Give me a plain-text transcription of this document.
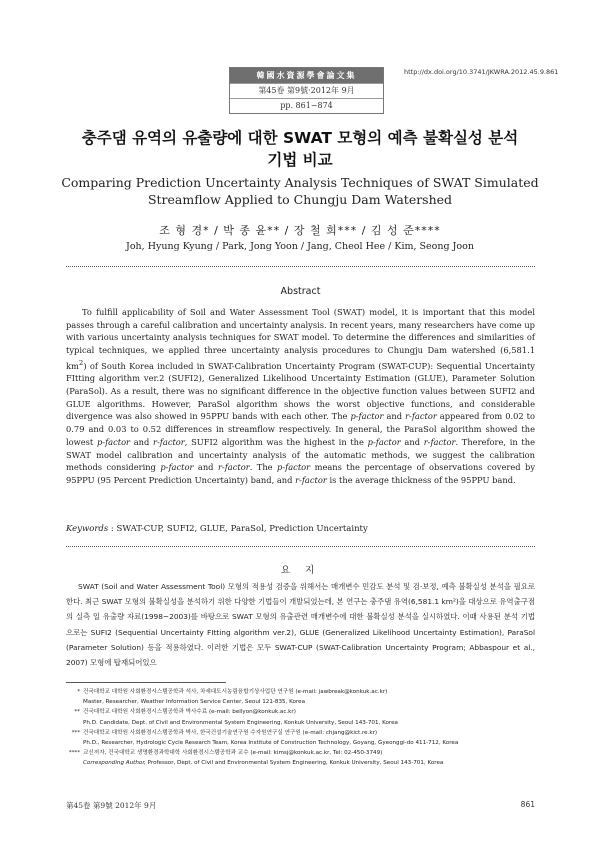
韓國水資源學會論文集
第45卷 第9號·2012年 9月
pp. 861~874
http://dx.doi.org/10.3741/JKWRA.2012.45.9.861
충주댐 유역의 유출량에 대한 SWAT 모형의 예측 불확실성 분석
기법 비교
Comparing Prediction Uncertainty Analysis Techniques of SWAT Simulated
Streamflow Applied to Chungju Dam Watershed
조 형 경* / 박 종 윤** / 장 철 희*** / 김 성 준****
Joh, Hyung Kyung / Park, Jong Yoon / Jang, Cheol Hee / Kim, Seong Joon
Abstract

To fulfill applicability of Soil and Water Assessment Tool (SWAT) model, it is important that this model passes through a careful calibration and uncertainty analysis. In recent years, many researchers have come up with various uncertainty analysis techniques for SWAT model. To determine the differences and similarities of typical techniques, we applied three uncertainty analysis procedures to Chungju Dam watershed (6,581.1 $km^2$) of South Korea included in SWAT-Calibration Uncertainty Program (SWAT-CUP): Sequential Uncertainty FItting algorithm ver.2 (SUFI2), Generalized Likelihood Uncertainty Estimation (GLUE), Parameter Solution (ParaSol). As a result, there was no significant difference in the objective function values between SUFI2 and GLUE algorithms. However, ParaSol algorithm shows the worst objective functions, and considerable divergence was also showed in 95PPU bands with each other. The p-factor and r-factor appeared from 0.02 to 0.79 and 0.03 to 0.52 differences in streamflow respectively. In general, the ParaSol algorithm showed the lowest p-factor and r-factor, SUFI2 algorithm was the highest in the p-factor and r-factor. Therefore, in the SWAT model calibration and uncertainty analysis of the automatic methods, we suggest the calibration methods considering p-factor and r-factor. The p-factor means the percentage of observations covered by 95PPU (95 Percent Prediction Uncertainty) band, and r-factor is the average thickness of the 95PPU band.

Keywords : SWAT-CUP, SUFI2, GLUE, ParaSol, Prediction Uncertainty
요 지

SWAT (Soil and Water Assessment Tool) 모형의 적용성 검증을 위해서는 매개변수 민감도 분석 및 검·보정, 예측 불확실성 분석을 필요로 한다. 최근 SWAT 모형의 불확실성을 분석하기 위한 다양한 기법들이 개발되었는데, 본 연구는 충주댐 유역(6,581.1 km²)을 대상으로 유역출구점의 실측 일 유출량 자료(1998~2003)를 바탕으로 SWAT 모형의 유출관련 매개변수에 대한 불확실성 분석을 실시하였다. 이때 사용된 분석 기법으로는 SUFI2 (Sequential Uncertainty FItting algorithm ver.2), GLUE (Generalized Likelihood Uncertainty Estimation), ParaSol (Parameter Solution) 등을 적용하였다. 이러한 기법은 모두 SWAT-CUP (SWAT-Calibration Uncertainty Program; Abbaspour et al., 2007) 모형에 탑재되어있으

* 건국대학교 대학원 사회환경시스템공학과 석사, 차세대도시농림융합기상사업단 연구원 (e-mail: jawbreak@konkuk.ac.kr)
Master, Researcher, Weather Information Service Center, Seoul 121-835, Korea
** 건국대학교 대학원 사회환경시스템공학과 박사수료 (e-mail: bellyon@konkuk.ac.kr)
Ph.D. Candidate, Dept. of Civil and Environmental System Engineering, Konkuk University, Seoul 143-701, Korea
*** 건국대학교 대학원 사회환경시스템공학과 박사, 한국건설기술연구원 수자원연구실 연구원 (e-mail: chjang@kict.re.kr)
Ph.D., Researcher, Hydrologic Cycle Research Team, Korea Institute of Construction Technology, Goyang, Gyeonggi-do 411-712, Korea
**** 교신저자, 건국대학교 생명환경과학대학 사회환경시스템공학과 교수 (e-mail: kimsj@konkuk.ac.kr, Tel: 02-450-3749)
Corresponding Author, Professor, Dept. of Civil and Environmental System Engineering, Konkuk University, Seoul 143-701, Korea
第45卷 第9號 2012年 9月	861
